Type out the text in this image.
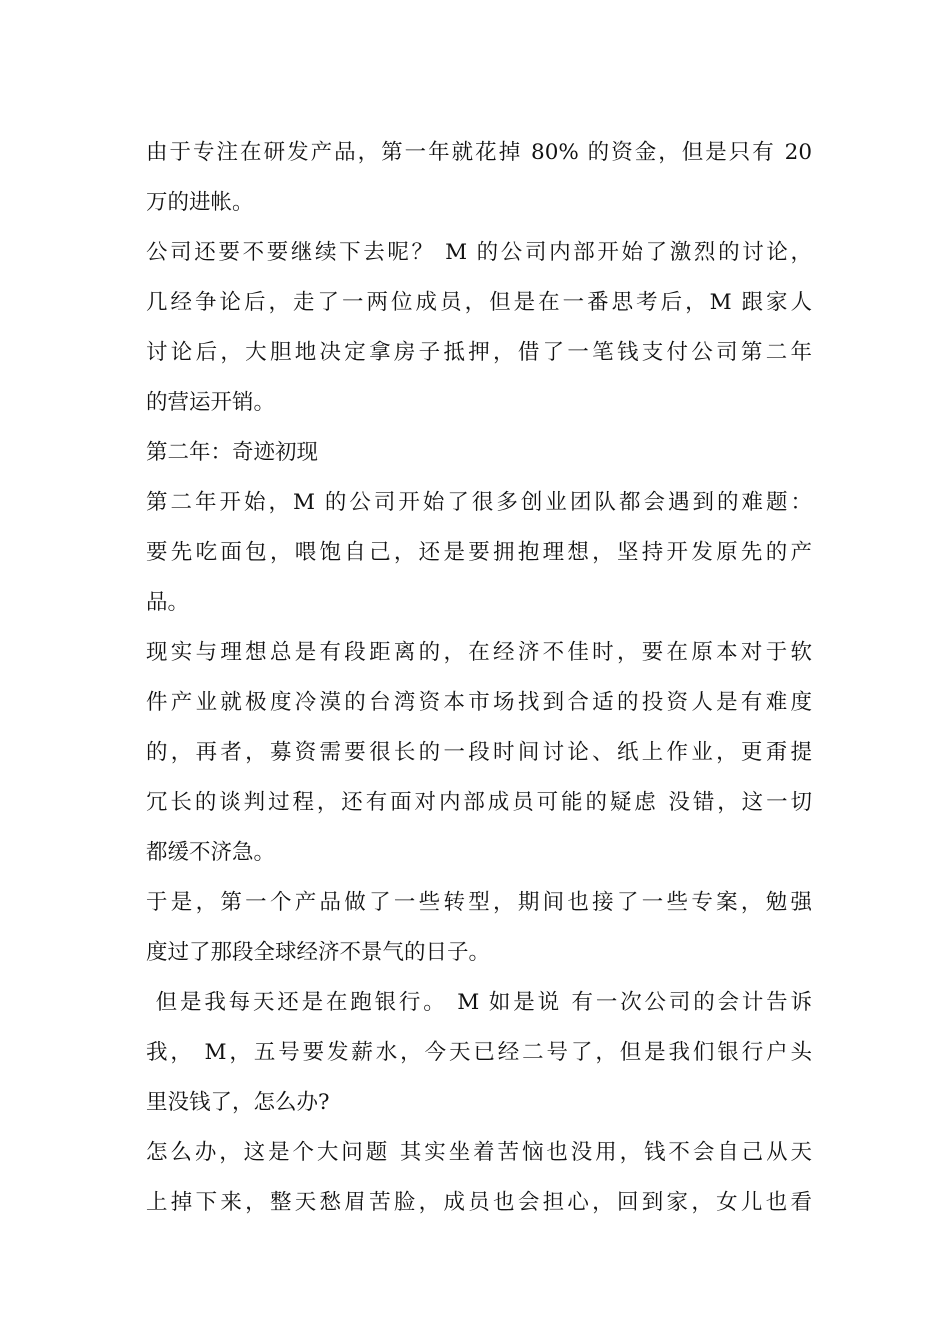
由于专注在研发产品，第一年就花掉 80% 的资金，但是只有 20
万的进帐。
公司还要不要继续下去呢？ M 的公司内部开始了激烈的讨论，
几经争论后，走了一两位成员，但是在一番思考后，M 跟家人
讨论后，大胆地决定拿房子抵押，借了一笔钱支付公司第二年
的营运开销。
第二年：奇迹初现
第二年开始，M 的公司开始了很多创业团队都会遇到的难题：
要先吃面包，喂饱自己，还是要拥抱理想，坚持开发原先的产
品。
现实与理想总是有段距离的，在经济不佳时，要在原本对于软
件产业就极度冷漠的台湾资本市场找到合适的投资人是有难度
的，再者，募资需要很长的一段时间讨论、纸上作业，更甭提
冗长的谈判过程，还有面对内部成员可能的疑虑 没错，这一切
都缓不济急。
于是，第一个产品做了一些转型，期间也接了一些专案，勉强
度过了那段全球经济不景气的日子。
但是我每天还是在跑银行。 M 如是说 有一次公司的会计告诉
我， M，五号要发薪水，今天已经二号了，但是我们银行户头
里没钱了，怎么办?
怎么办，这是个大问题 其实坐着苦恼也没用，钱不会自己从天
上掉下来，整天愁眉苦脸，成员也会担心，回到家，女儿也看
